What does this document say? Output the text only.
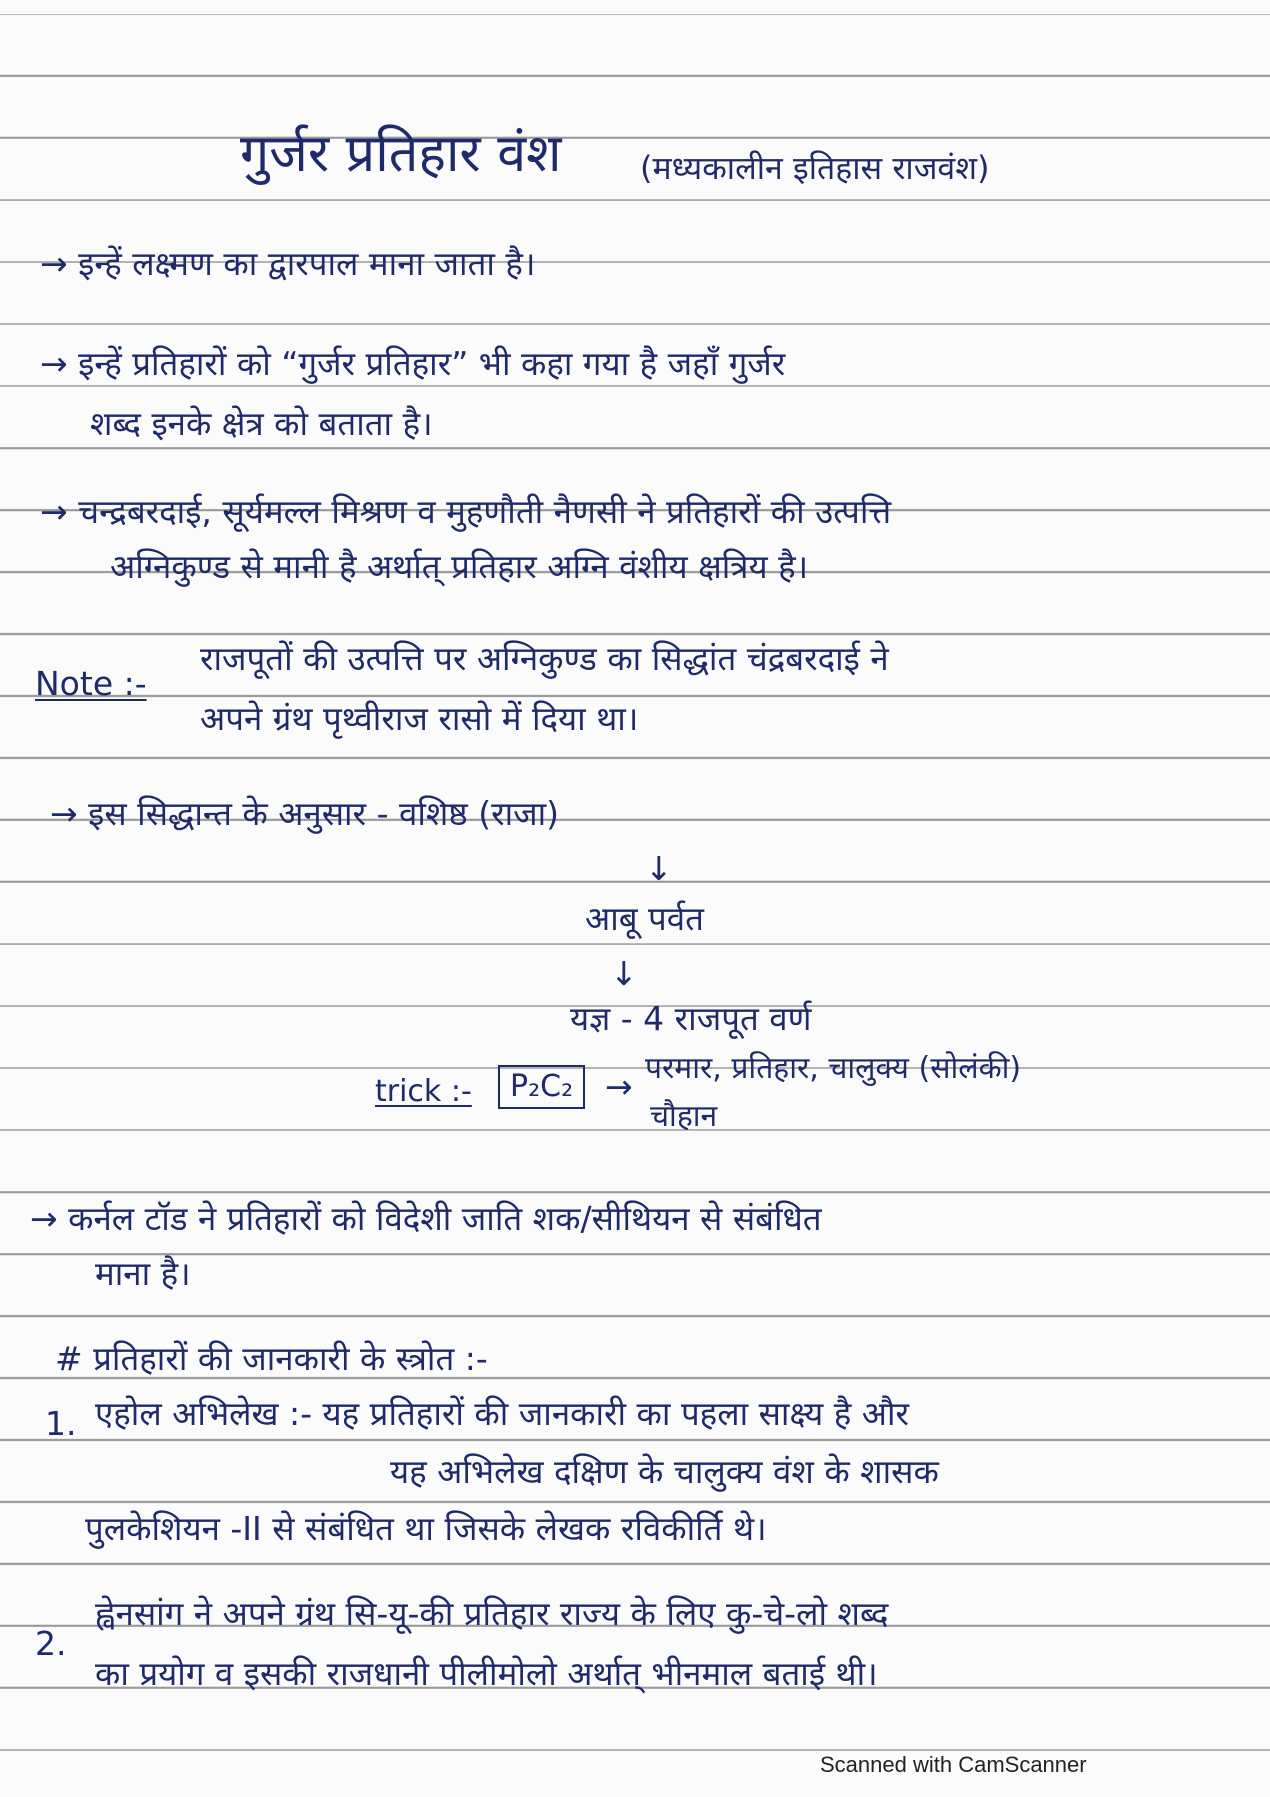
गुर्जर प्रतिहार वंश (मध्यकालीन इतिहास राजवंश)
→ इन्हें लक्ष्मण का द्वारपाल माना जाता है।
→ इन्हें प्रतिहारों को “गुर्जर प्रतिहार” भी कहा गया है जहाँ गुर्जर
शब्द इनके क्षेत्र को बताता है।
→ चन्द्रबरदाई, सूर्यमल्ल मिश्रण व मुहणौती नैणसी ने प्रतिहारों की उत्पत्ति
अग्निकुण्ड से मानी है अर्थात् प्रतिहार अग्नि वंशीय क्षत्रिय है।
Note :-
राजपूतों की उत्पत्ति पर अग्निकुण्ड का सिद्धांत चंद्रबरदाई ने
अपने ग्रंथ पृथ्वीराज रासो में दिया था।
→ इस सिद्धान्त के अनुसार - वशिष्ठ (राजा)
↓
आबू पर्वत
↓
यज्ञ - 4 राजपूत वर्ण
trick :-	P₂C₂ → परमार, प्रतिहार, चालुक्य (सोलंकी)
चौहान
→ कर्नल टॉड ने प्रतिहारों को विदेशी जाति शक/सीथियन से संबंधित
माना है।
# प्रतिहारों की जानकारी के स्त्रोत :-
1. एहोल अभिलेख :- यह प्रतिहारों की जानकारी का पहला साक्ष्य है और
यह अभिलेख दक्षिण के चालुक्य वंश के शासक
पुलकेशियन -II से संबंधित था जिसके लेखक रविकीर्ति थे।
2.
ह्वेनसांग ने अपने ग्रंथ सि-यू-की प्रतिहार राज्य के लिए कु-चे-लो शब्द
का प्रयोग व इसकी राजधानी पीलीमोलो अर्थात् भीनमाल बताई थी।
Scanned with CamScanner
